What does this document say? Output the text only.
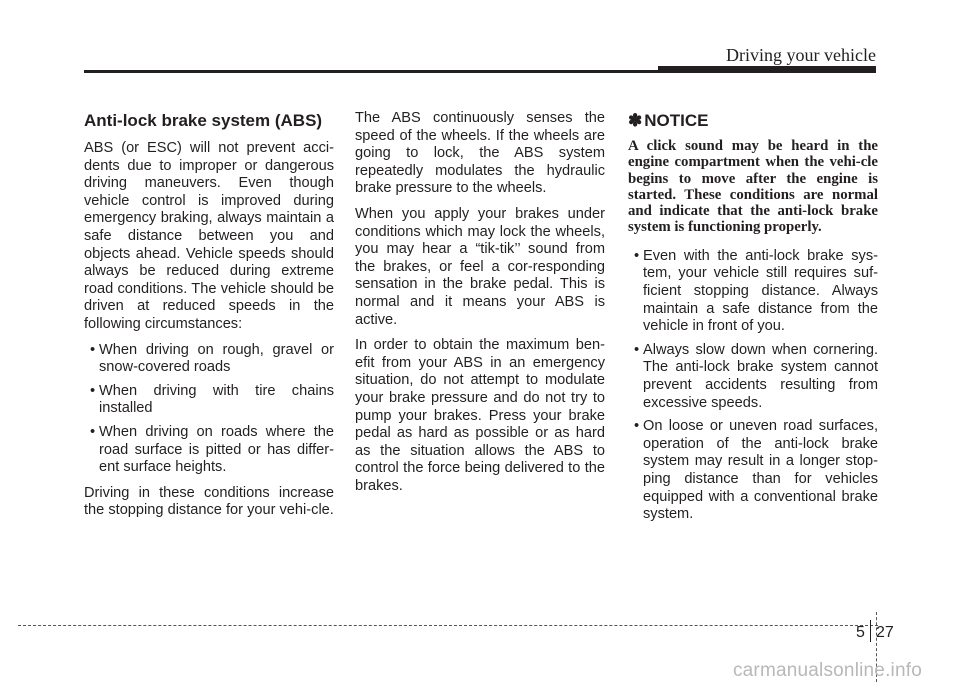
Driving your vehicle
Anti-lock brake system (ABS)

ABS (or ESC) will not prevent acci-dents due to improper or dangerous driving maneuvers. Even though vehicle control is improved during emergency braking, always maintain a safe distance between you and objects ahead. Vehicle speeds should always be reduced during extreme road conditions. The vehicle should be driven at reduced speeds in the following circumstances:

• When driving on rough, gravel or snow-covered roads
• When driving with tire chains installed
• When driving on roads where the road surface is pitted or has differ-ent surface heights.

Driving in these conditions increase the stopping distance for your vehi-cle.

The ABS continuously senses the speed of the wheels. If the wheels are going to lock, the ABS system repeatedly modulates the hydraulic brake pressure to the wheels.

When you apply your brakes under conditions which may lock the wheels, you may hear a “tik-tik’’ sound from the brakes, or feel a cor-responding sensation in the brake pedal. This is normal and it means your ABS is active.

In order to obtain the maximum ben-efit from your ABS in an emergency situation, do not attempt to modulate your brake pressure and do not try to pump your brakes. Press your brake pedal as hard as possible or as hard as the situation allows the ABS to control the force being delivered to the brakes.

✽ NOTICE

A click sound may be heard in the engine compartment when the vehi-cle begins to move after the engine is started. These conditions are normal and indicate that the anti-lock brake system is functioning properly.

• Even with the anti-lock brake sys-tem, your vehicle still requires suf-ficient stopping distance. Always maintain a safe distance from the vehicle in front of you.
• Always slow down when cornering. The anti-lock brake system cannot prevent accidents resulting from excessive speeds.
• On loose or uneven road surfaces, operation of the anti-lock brake system may result in a longer stop-ping distance than for vehicles equipped with a conventional brake system.
5 27
carmanualsonline.info
